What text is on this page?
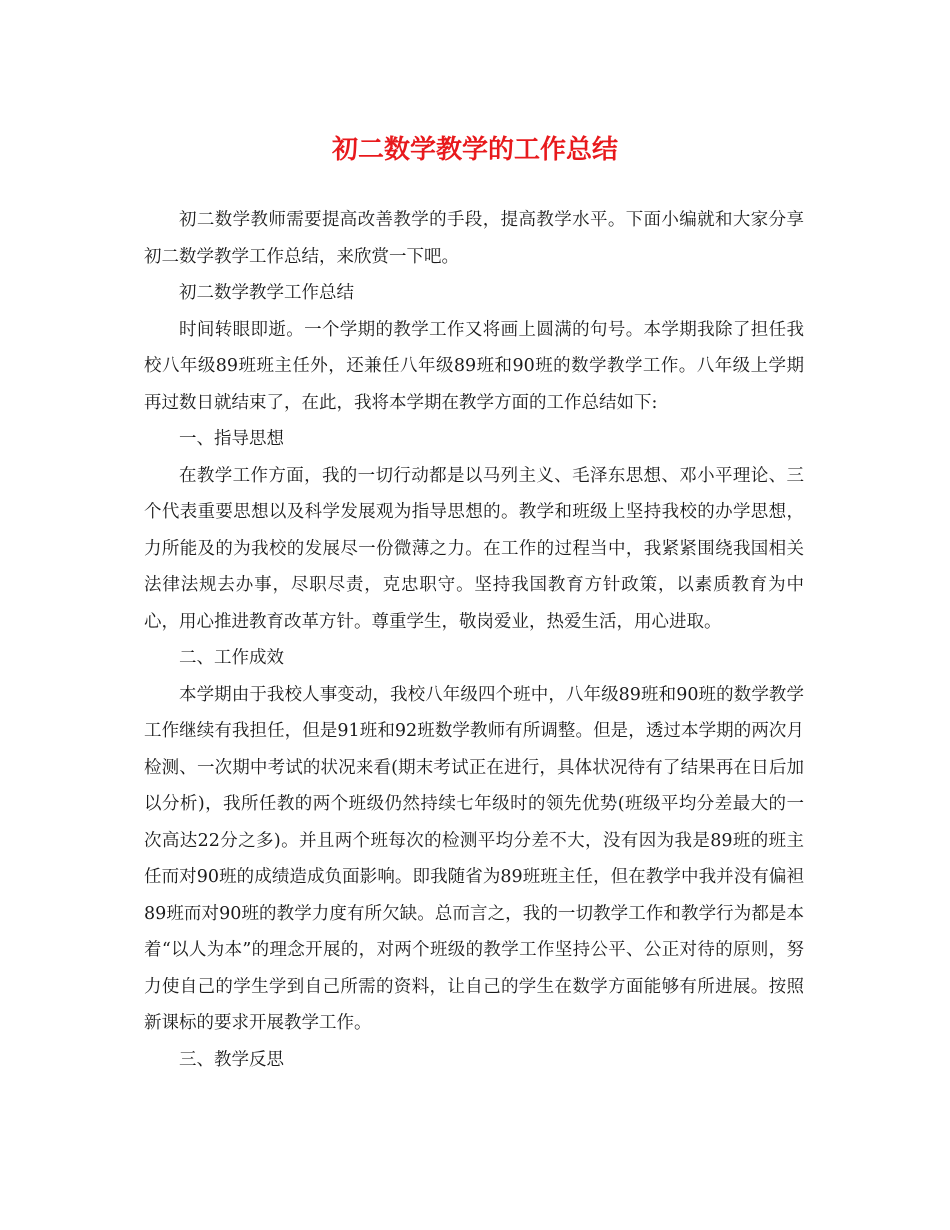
初二数学教学的工作总结

初二数学教师需要提高改善教学的手段，提高教学水平。下面小编就和大家分享初二数学教学工作总结，来欣赏一下吧。

初二数学教学工作总结

时间转眼即逝。一个学期的教学工作又将画上圆满的句号。本学期我除了担任我校八年级89班班主任外，还兼任八年级89班和90班的数学教学工作。八年级上学期再过数日就结束了，在此，我将本学期在教学方面的工作总结如下:

一、指导思想

在教学工作方面，我的一切行动都是以马列主义、毛泽东思想、邓小平理论、三个代表重要思想以及科学发展观为指导思想的。教学和班级上坚持我校的办学思想，力所能及的为我校的发展尽一份微薄之力。在工作的过程当中，我紧紧围绕我国相关法律法规去办事，尽职尽责，克忠职守。坚持我国教育方针政策，以素质教育为中心，用心推进教育改革方针。尊重学生，敬岗爱业，热爱生活，用心进取。

二、工作成效

本学期由于我校人事变动，我校八年级四个班中，八年级89班和90班的数学教学工作继续有我担任，但是91班和92班数学教师有所调整。但是，透过本学期的两次月检测、一次期中考试的状况来看(期末考试正在进行，具体状况待有了结果再在日后加以分析)，我所任教的两个班级仍然持续七年级时的领先优势(班级平均分差最大的一次高达22分之多)。并且两个班每次的检测平均分差不大，没有因为我是89班的班主任而对90班的成绩造成负面影响。即我随省为89班班主任，但在教学中我并没有偏袒89班而对90班的教学力度有所欠缺。总而言之，我的一切教学工作和教学行为都是本着“以人为本”的理念开展的，对两个班级的教学工作坚持公平、公正对待的原则，努力使自己的学生学到自己所需的资料，让自己的学生在数学方面能够有所进展。按照新课标的要求开展教学工作。

三、教学反思
